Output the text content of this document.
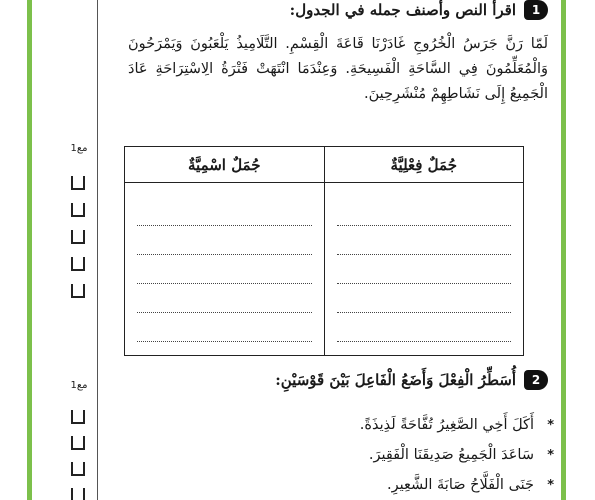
مع1
مع1
1
اقرأ النص وأصنف جمله في الجدول:

لَمّا رَنَّ جَرَسُ الْخُرُوجِ غَادَرْنَا قَاعَةَ الْقِسْمِ. التَّلَامِيذُ يَلْعَبُونَ وَيَمْرَحُونَ وَالْمُعَلِّمُونَ فِي السَّاحَةِ الْفَسِيحَةِ. وَعِنْدَمَا انْتَهَتْ فَتْرَةُ الِاسْتِرَاحَةِ عَادَ الْجَمِيعُ إِلَى نَشَاطِهِمْ مُنْشَرِحِينَ.

جُمَلٌ فِعْلِيَّةٌ
جُمَلٌ اسْمِيَّةٌ
2
أُسَطِّرُ الْفِعْلَ وَأَضَعُ الْفَاعِلَ بَيْنَ قَوْسَيْنِ:
*
أَكَلَ أَخِي الصَّغِيرُ تُفَّاحَةً لَذِيذَةً.
*
سَاعَدَ الْجَمِيعُ صَدِيقَنَا الْفَقِيرَ.
*
جَنَى الْفَلَّاحُ صَابَةَ الشَّعِيرِ.
